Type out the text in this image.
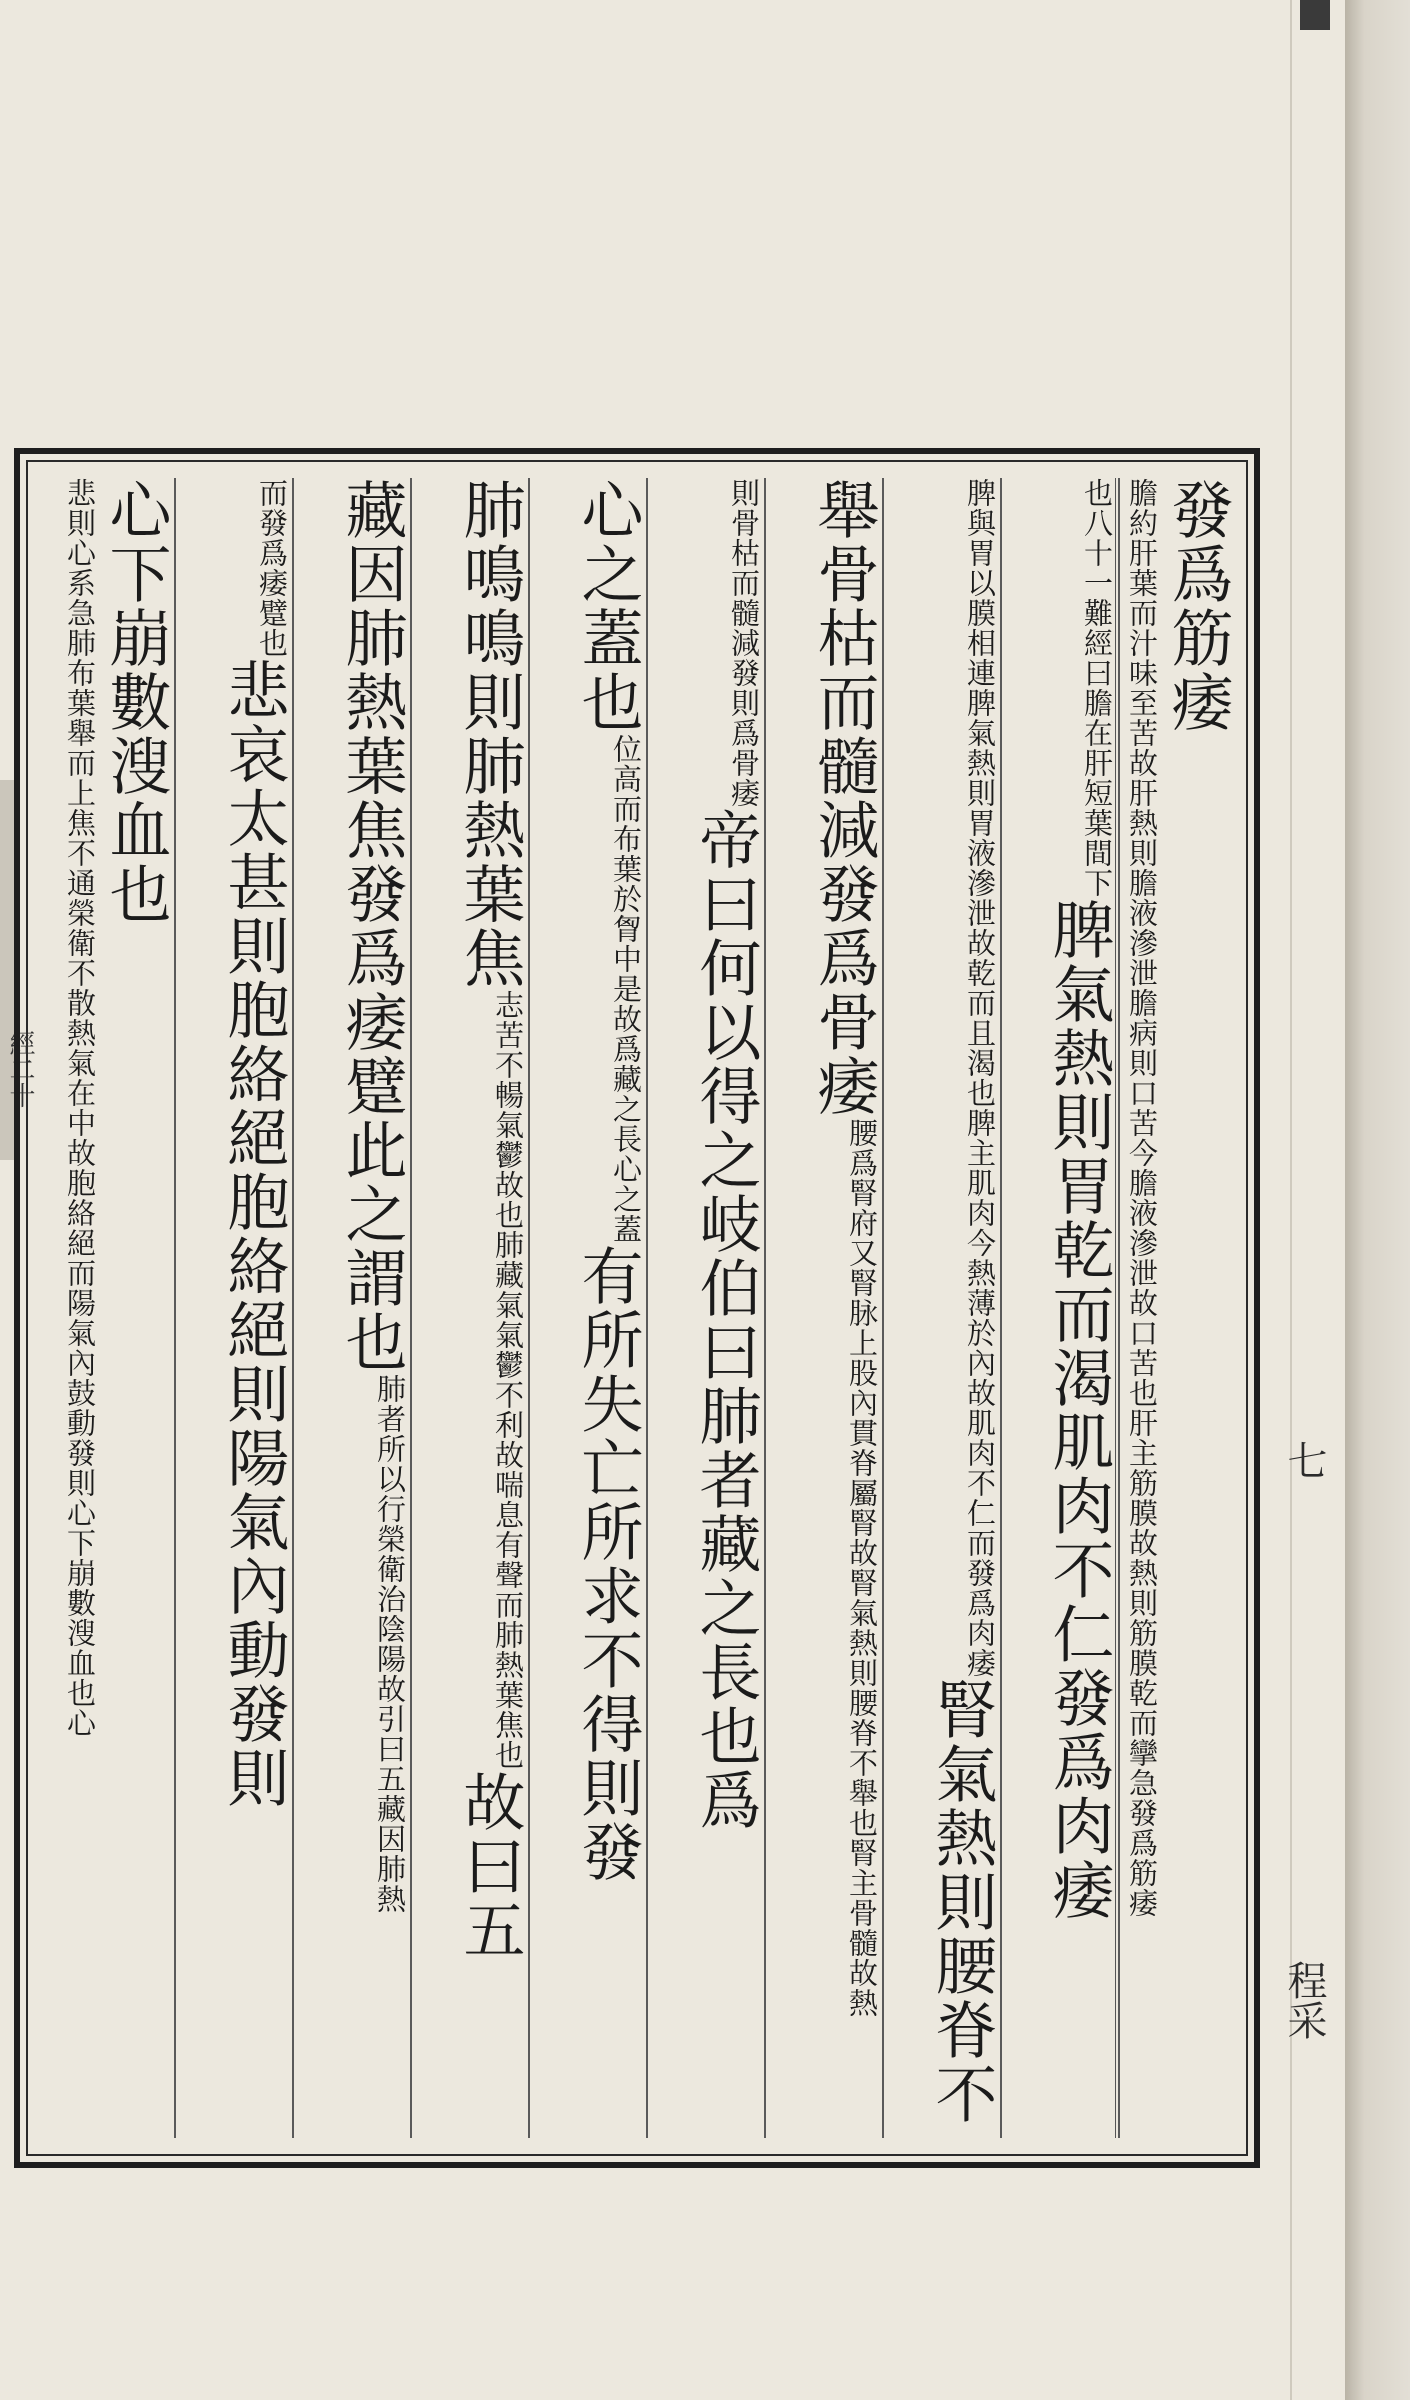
經二十
發爲筋痿膽約肝葉而汁味至苦故肝熱則膽液滲泄膽病則口苦今膽液滲泄故口苦也肝主筋膜故熱則筋膜乾而攣急發爲筋痿
也八十一難經曰膽在肝短葉間下脾氣熱則胃乾而渴肌肉不仁發爲肉痿
脾與胃以膜相連脾氣熱則胃液滲泄故乾而且渴也脾主肌肉今熱薄於內故肌肉不仁而發爲肉痿腎氣熱則腰脊不
舉骨枯而髓減發爲骨痿腰爲腎府又腎脉上股內貫脊屬腎故腎氣熱則腰脊不舉也腎主骨髓故熱
則骨枯而髓減發則爲骨痿帝曰何以得之岐伯曰肺者藏之長也爲
心之蓋也位高而布葉於胷中是故爲藏之長心之蓋有所失亡所求不得則發
肺鳴鳴則肺熱葉焦志苦不暢氣鬱故也肺藏氣氣鬱不利故喘息有聲而肺熱葉焦也故曰五
藏因肺熱葉焦發爲痿躄此之謂也肺者所以行榮衛治陰陽故引曰五藏因肺熱
而發爲痿躄也悲哀太甚則胞絡絕胞絡絕則陽氣內動發則
心下崩數溲血也悲則心系急肺布葉舉而上焦不通榮衛不散熱氣在中故胞絡絕而陽氣內鼓動發則心下崩數溲血也心	七程采
